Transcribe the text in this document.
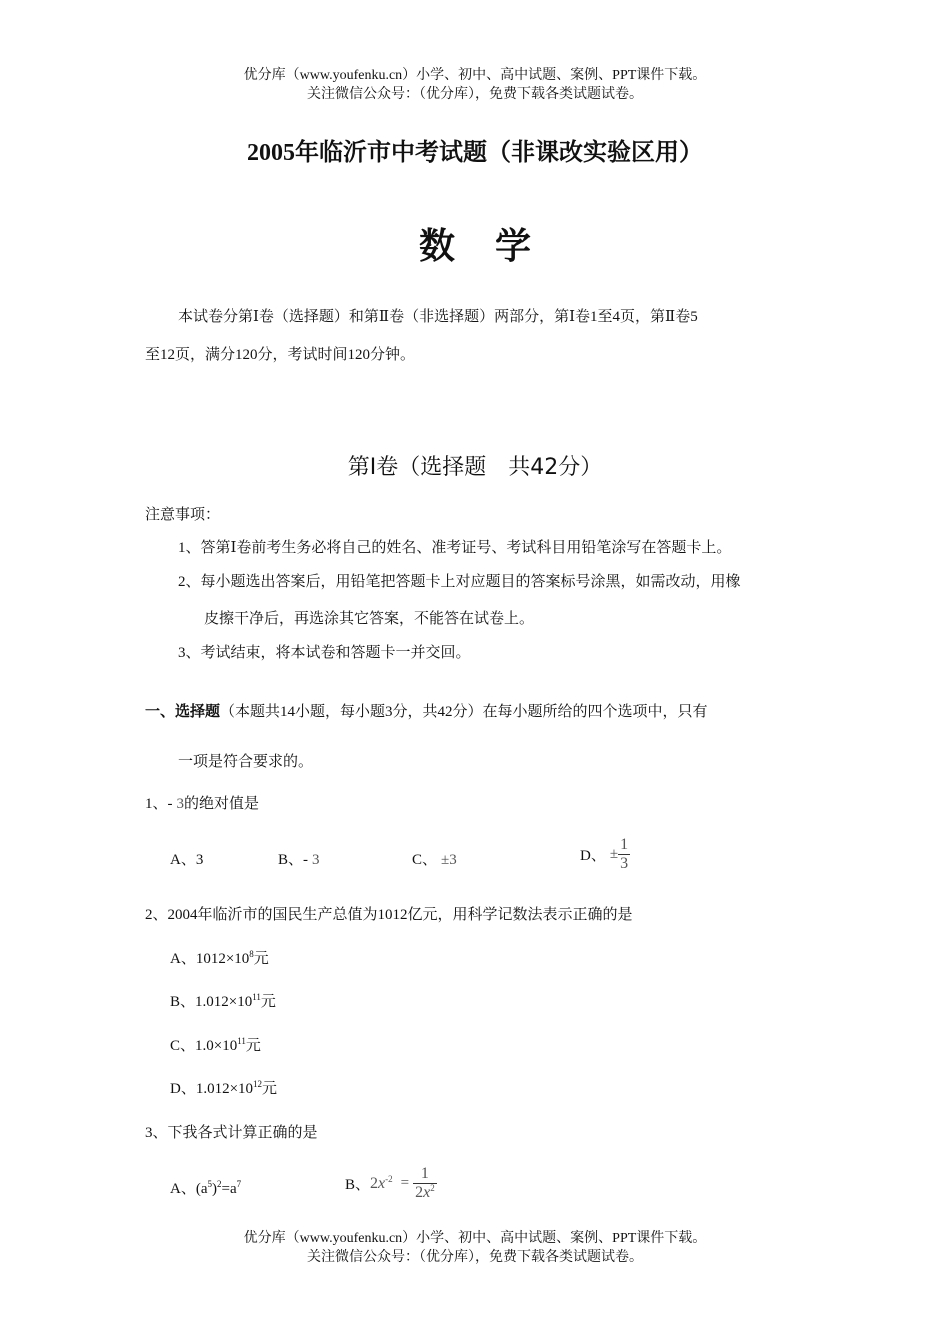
优分库（www.youfenku.cn）小学、初中、高中试题、案例、PPT课件下载。
关注微信公众号：（优分库），免费下载各类试题试卷。
2005年临沂市中考试题（非课改实验区用）
数学
本试卷分第Ⅰ卷（选择题）和第Ⅱ卷（非选择题）两部分，第Ⅰ卷1至4页，第Ⅱ卷5
至12页，满分120分，考试时间120分钟。
第Ⅰ卷（选择题　共42分）
注意事项：
1、答第Ⅰ卷前考生务必将自己的姓名、准考证号、考试科目用铅笔涂写在答题卡上。
2、每小题选出答案后，用铅笔把答题卡上对应题目的答案标号涂黑，如需改动，用橡
皮擦干净后，再选涂其它答案，不能答在试卷上。
3、考试结束，将本试卷和答题卡一并交回。
一、选择题（本题共14小题，每小题3分，共42分）在每小题所给的四个选项中，只有
一项是符合要求的。
1、- 3的绝对值是
A、3	B、- 3	C、 ±3	D、 ± $\frac{1}{3}$
2、2004年临沂市的国民生产总值为1012亿元，用科学记数法表示正确的是
A、$1012\times 10^8$元
B、$1.012\times 10^{11}$元
C、$1.0\times 10^{11}$元
D、$1.012\times 10^{12}$元
3、下我各式计算正确的是
A、$(a^5)^2=a^7$	B、$2x^{-2} = \frac{1}{2x^2}$
优分库（www.youfenku.cn）小学、初中、高中试题、案例、PPT课件下载。
关注微信公众号：（优分库），免费下载各类试题试卷。
